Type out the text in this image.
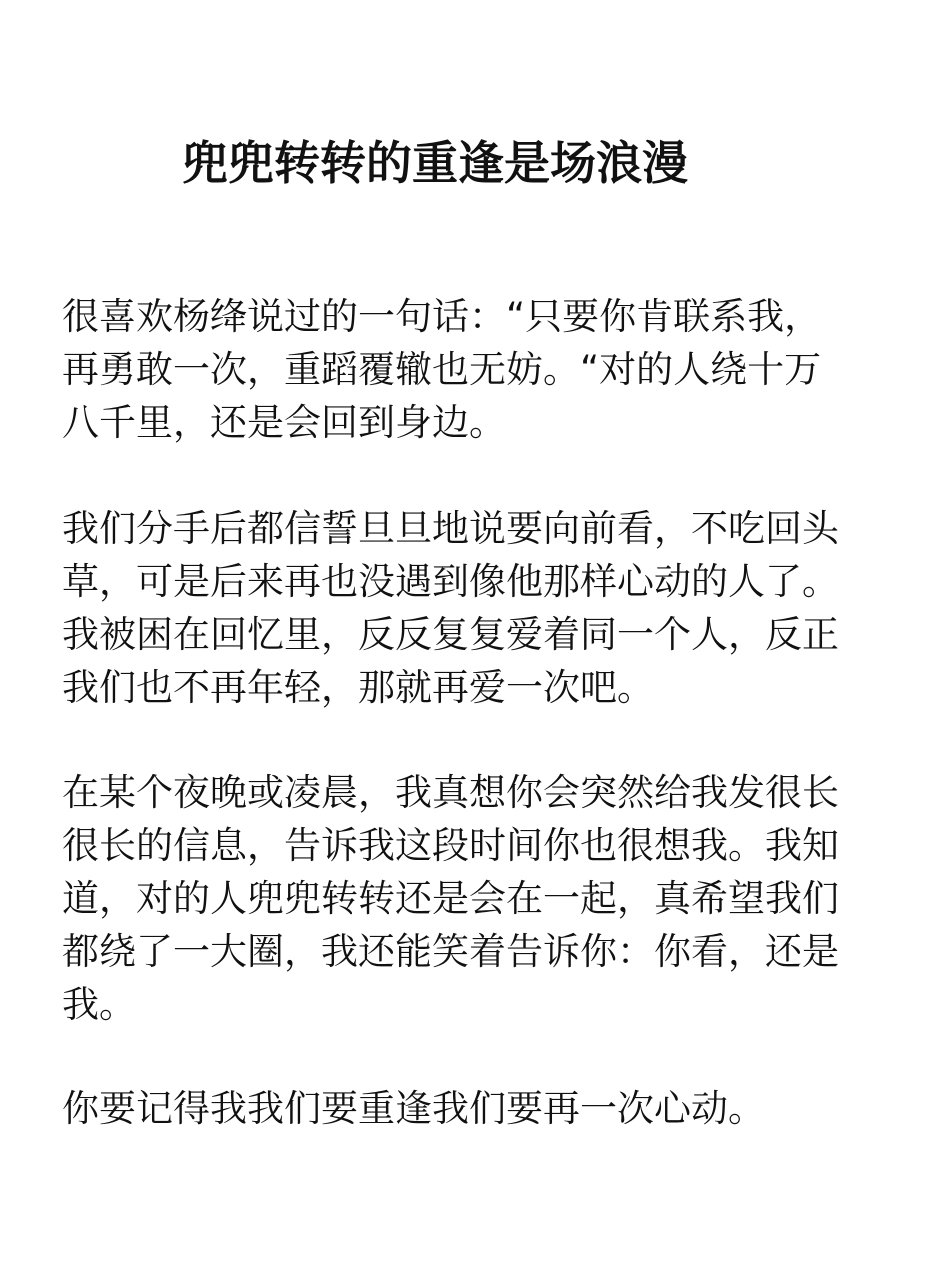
兜兜转转的重逢是场浪漫
很喜欢杨绛说过的一句话：“只要你肯联系我，
再勇敢一次，重蹈覆辙也无妨。“对的人绕十万
八千里，还是会回到身边。
我们分手后都信誓旦旦地说要向前看，不吃回头
草，可是后来再也没遇到像他那样心动的人了。
我被困在回忆里，反反复复爱着同一个人，反正
我们也不再年轻，那就再爱一次吧。
在某个夜晚或凌晨，我真想你会突然给我发很长
很长的信息，告诉我这段时间你也很想我。我知
道，对的人兜兜转转还是会在一起，真希望我们
都绕了一大圈，我还能笑着告诉你：你看，还是
我。
你要记得我我们要重逢我们要再一次心动。
